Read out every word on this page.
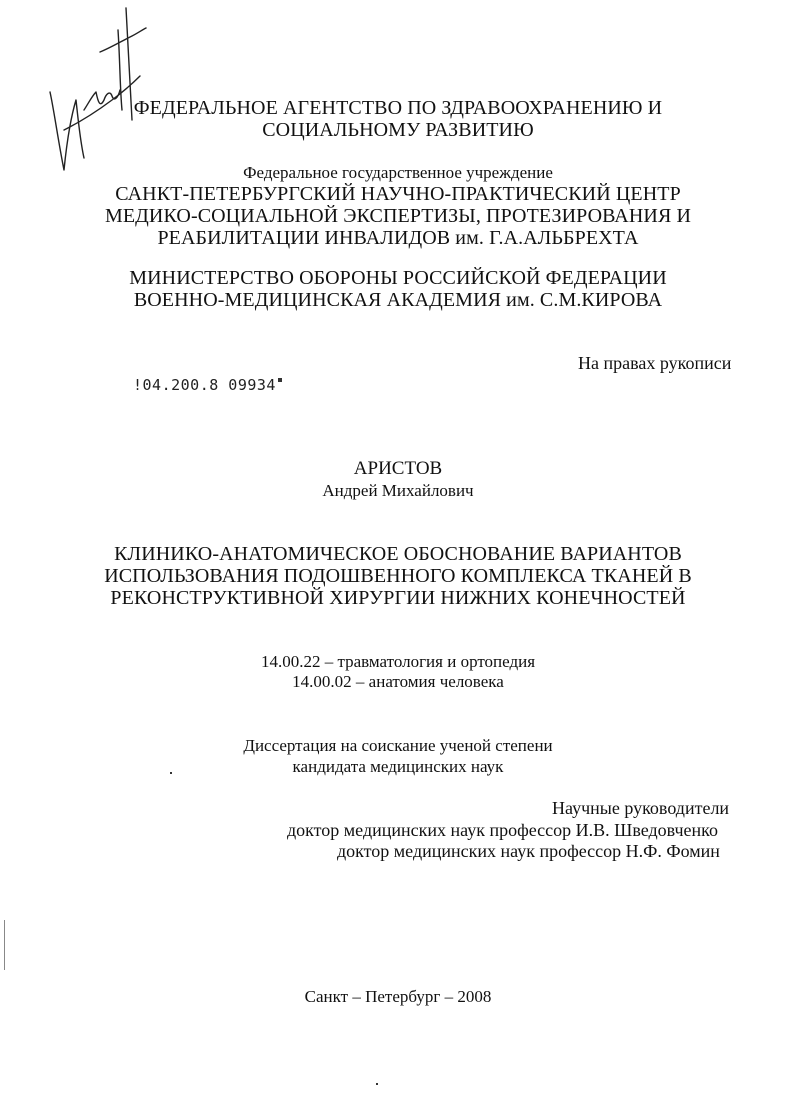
ФЕДЕРАЛЬНОЕ АГЕНТСТВО ПО ЗДРАВООХРАНЕНИЮ И
СОЦИАЛЬНОМУ РАЗВИТИЮ
Федеральное государственное учреждение
САНКТ-ПЕТЕРБУРГСКИЙ НАУЧНО-ПРАКТИЧЕСКИЙ ЦЕНТР
МЕДИКО-СОЦИАЛЬНОЙ ЭКСПЕРТИЗЫ, ПРОТЕЗИРОВАНИЯ И
РЕАБИЛИТАЦИИ ИНВАЛИДОВ им. Г.А.АЛЬБРЕХТА
МИНИСТЕРСТВО ОБОРОНЫ РОССИЙСКОЙ ФЕДЕРАЦИИ
ВОЕННО-МЕДИЦИНСКАЯ АКАДЕМИЯ им. С.М.КИРОВА
На правах рукописи
!04.200.8 09934
АРИСТОВ
Андрей Михайлович
КЛИНИКО-АНАТОМИЧЕСКОЕ ОБОСНОВАНИЕ ВАРИАНТОВ
ИСПОЛЬЗОВАНИЯ ПОДОШВЕННОГО КОМПЛЕКСА ТКАНЕЙ В
РЕКОНСТРУКТИВНОЙ ХИРУРГИИ НИЖНИХ КОНЕЧНОСТЕЙ
14.00.22 – травматология и ортопедия
14.00.02 – анатомия человека
Диссертация на соискание ученой степени
кандидата медицинских наук
Научные руководители
доктор медицинских наук профессор И.В. Шведовченко
доктор медицинских наук профессор Н.Ф. Фомин
Санкт – Петербург – 2008
